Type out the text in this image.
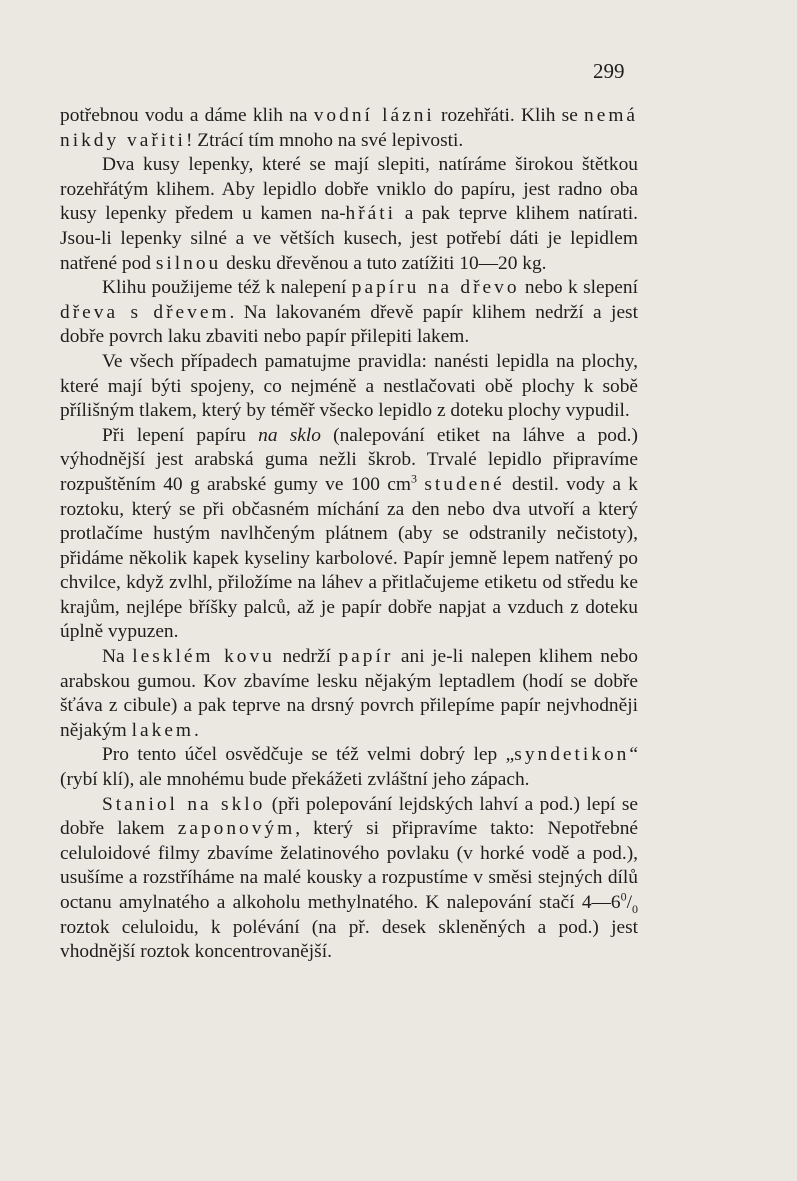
299

potřebnou vodu a dáme klih na vodní lázni rozehřáti. Klih se nemá nikdy vařiti! Ztrácí tím mnoho na své lepivosti.

Dva kusy lepenky, které se mají slepiti, natíráme širokou štětkou rozehřátým klihem. Aby lepidlo dobře vniklo do papíru, jest radno oba kusy lepenky předem u kamen na-hřáti a pak teprve klihem natírati. Jsou-li lepenky silné a ve větších kusech, jest potřebí dáti je lepidlem natřené pod silnou desku dřevěnou a tuto zatížiti 10—20 kg.

Klihu použijeme též k nalepení papíru na dřevo nebo k slepení dřeva s dřevem. Na lakovaném dřevě papír klihem nedrží a jest dobře povrch laku zbaviti nebo papír přilepiti lakem.

Ve všech případech pamatujme pravidla: nanésti lepidla na plochy, které mají býti spojeny, co nejméně a nestlačovati obě plochy k sobě přílišným tlakem, který by téměř všecko lepidlo z doteku plochy vypudil.

Při lepení papíru na sklo (nalepování etiket na láhve a pod.) výhodnější jest arabská guma nežli škrob. Trvalé lepidlo připravíme rozpuštěním 40 g arabské gumy ve 100 $cm^3$ studené destil. vody a k roztoku, který se při občasném míchání za den nebo dva utvoří a který protlačíme hustým navlhčeným plátnem (aby se odstranily nečistoty), přidáme několik kapek kyseliny karbolové. Papír jemně lepem natřený po chvilce, když zvlhl, přiložíme na láhev a přitlačujeme etiketu od středu ke krajům, nejlépe bříšky palců, až je papír dobře napjat a vzduch z doteku úplně vypuzen.

Na lesklém kovu nedrží papír ani je-li nalepen klihem nebo arabskou gumou. Kov zbavíme lesku nějakým leptadlem (hodí se dobře šťáva z cibule) a pak teprve na drsný povrch přilepíme papír nejvhodněji nějakým lakem.

Pro tento účel osvědčuje se též velmi dobrý lep „syndetikon“ (rybí klí), ale mnohému bude překážeti zvláštní jeho zápach.

Staniol na sklo (při polepování lejdských lahví a pod.) lepí se dobře lakem zaponovým, který si připravíme takto: Nepotřebné celuloidové filmy zbavíme želatinového povlaku (v horké vodě a pod.), usušíme a rozstříháme na malé kousky a rozpustíme v směsi stejných dílů octanu amylnatého a alkoholu methylnatého. K nalepování stačí $4—6^0/_0$ roztok celuloidu, k polévání (na př. desek skleněných a pod.) jest vhodnější roztok koncentrovanější.
